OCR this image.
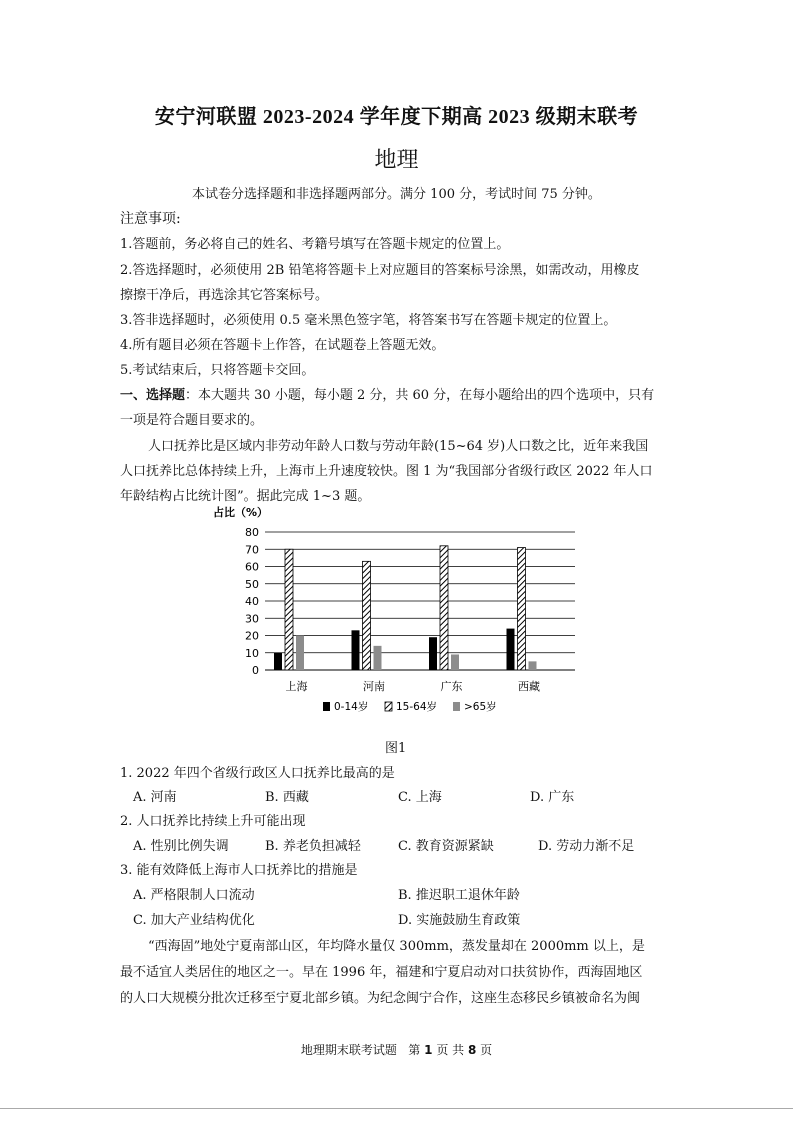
安宁河联盟 2023-2024 学年度下期高 2023 级期末联考
地理
本试卷分选择题和非选择题两部分。满分 100 分，考试时间 75 分钟。
注意事项:
1.答题前，务必将自己的姓名、考籍号填写在答题卡规定的位置上。
2.答选择题时，必须使用 2B 铅笔将答题卡上对应题目的答案标号涂黑，如需改动，用橡皮
擦擦干净后，再选涂其它答案标号。
3.答非选择题时，必须使用 0.5 毫米黑色签字笔，将答案书写在答题卡规定的位置上。
4.所有题目必须在答题卡上作答，在试题卷上答题无效。
5.考试结束后，只将答题卡交回。
一、选择题：本大题共 30 小题，每小题 2 分，共 60 分，在每小题给出的四个选项中，只有
一项是符合题目要求的。
人口抚养比是区域内非劳动年龄人口数与劳动年龄(15~64 岁)人口数之比，近年来我国
人口抚养比总体持续上升，上海市上升速度较快。图 1 为“我国部分省级行政区 2022 年人口
年龄结构占比统计图”。据此完成 1~3 题。
占比（%）
0
10
20
30
40
50
60
70
80
上海	河南	广东	西藏
0-14岁	15-64岁	>65岁
图1
1. 2022 年四个省级行政区人口抚养比最高的是
A. 河南	B. 西藏	C. 上海	D. 广东
2. 人口抚养比持续上升可能出现
A. 性别比例失调	B. 养老负担减轻	C. 教育资源紧缺	D. 劳动力渐不足
3. 能有效降低上海市人口抚养比的措施是
A. 严格限制人口流动	B. 推迟职工退休年龄
C. 加大产业结构优化	D. 实施鼓励生育政策
“西海固”地处宁夏南部山区，年均降水量仅 300mm，蒸发量却在 2000mm 以上，是
最不适宜人类居住的地区之一。早在 1996 年，福建和宁夏启动对口扶贫协作，西海固地区
的人口大规模分批次迁移至宁夏北部乡镇。为纪念闽宁合作，这座生态移民乡镇被命名为闽
地理期末联考试题 第 1 页 共 8 页
